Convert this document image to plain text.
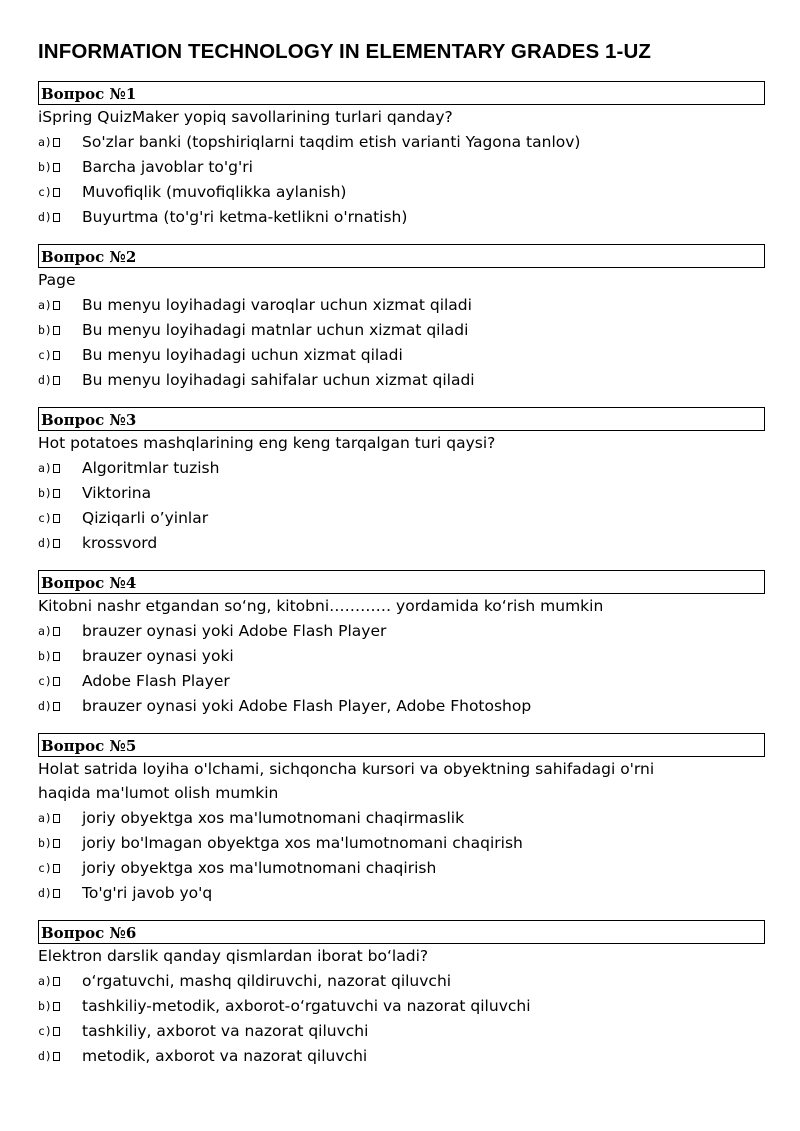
INFORMATION TECHNOLOGY IN ELEMENTARY GRADES 1-UZ
Вопрос №1
iSpring QuizMaker yopiq savollarining turlari qanday?
a)	So'zlar banki (topshiriqlarni taqdim etish varianti Yagona tanlov)
b)	Barcha javoblar to'g'ri
c)	Muvofiqlik (muvofiqlikka aylanish)
d)	Buyurtma (to'g'ri ketma-ketlikni o'rnatish)
Вопрос №2
Page
a)	Bu menyu loyihadagi varoqlar uchun xizmat qiladi
b)	Bu menyu loyihadagi matnlar uchun xizmat qiladi
c)	Bu menyu loyihadagi uchun xizmat qiladi
d)	Bu menyu loyihadagi sahifalar uchun xizmat qiladi
Вопрос №3
Hot potatoes mashqlarining eng keng tarqalgan turi qaysi?
a)	Algoritmlar tuzish
b)	Viktorina
c)	Qiziqarli o’yinlar
d)	krossvord
Вопрос №4
Kitobni nashr etgandan so‘ng, kitobni………… yordamida ko‘rish mumkin
a)	brauzer oynasi yoki Adobe Flash Player
b)	brauzer oynasi yoki
c)	Adobe Flash Player
d)	brauzer oynasi yoki Adobe Flash Player, Adobe Fhotoshop
Вопрос №5
Holat satrida loyiha o'lchami, sichqoncha kursori va obyektning sahifadagi o'rni haqida ma'lumot olish mumkin
a)	joriy obyektga xos ma'lumotnomani chaqirmaslik
b)	joriy bo'lmagan obyektga xos ma'lumotnomani chaqirish
c)	joriy obyektga xos ma'lumotnomani chaqirish
d)	To'g'ri javob yo'q
Вопрос №6
Elektron darslik qanday qismlardan iborat bo‘ladi?
a)	o‘rgatuvchi, mashq qildiruvchi, nazorat qiluvchi
b)	tashkiliy-metodik, axborot-o‘rgatuvchi va nazorat qiluvchi
c)	tashkiliy, axborot va nazorat qiluvchi
d)	metodik, axborot va nazorat qiluvchi
